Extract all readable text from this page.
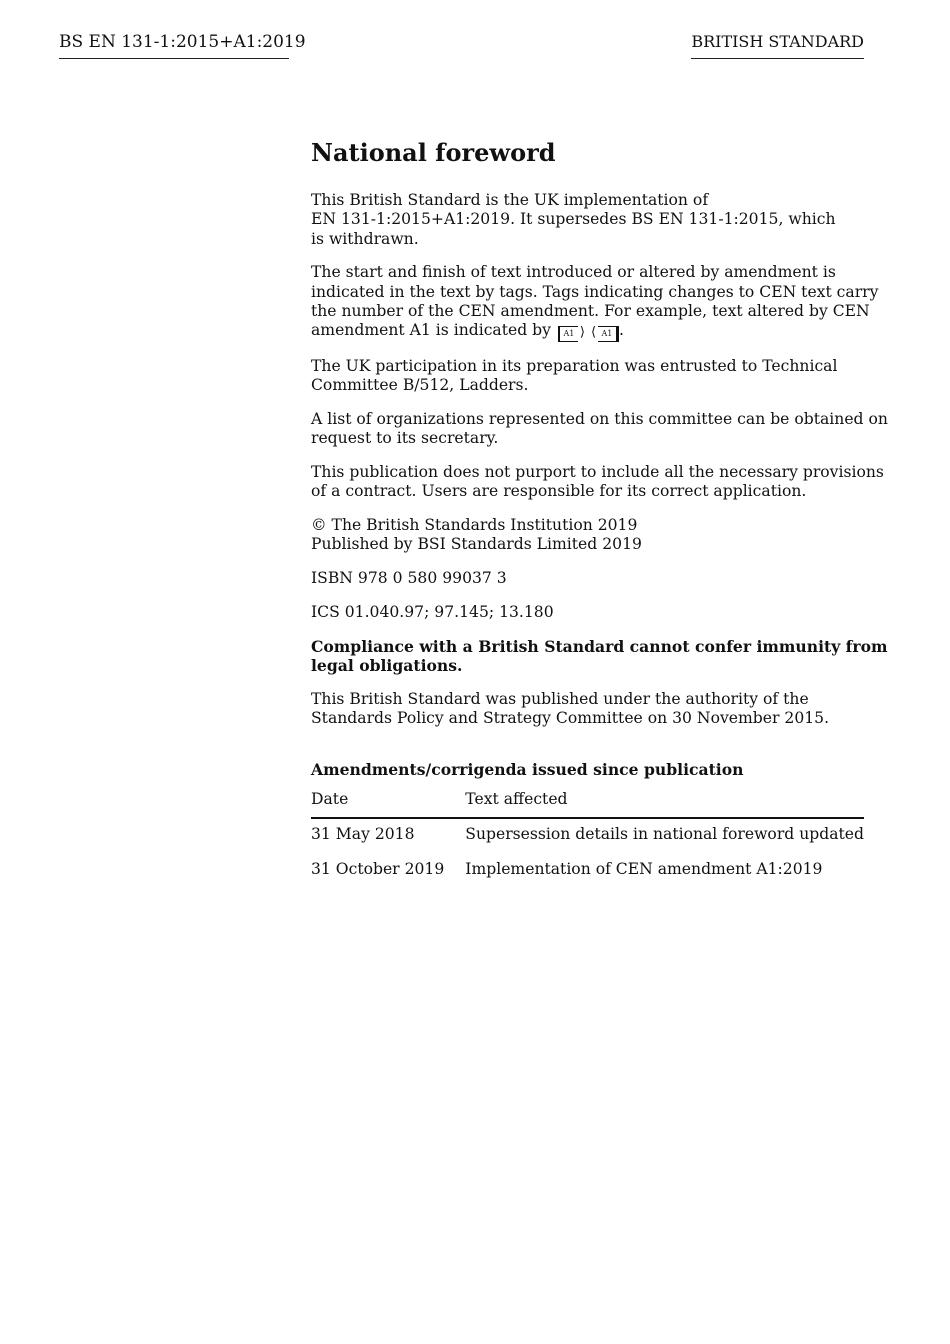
BS EN 131-1:2015+A1:2019	BRITISH STANDARD
National foreword

This British Standard is the UK implementation of
EN 131-1:2015+A1:2019. It supersedes BS EN 131-1:2015, which
is withdrawn.

The start and finish of text introduced or altered by amendment is
indicated in the text by tags. Tags indicating changes to CEN text carry
the number of the CEN amendment. For example, text altered by CEN
amendment A1 is indicated by A1 ⟩	⟨ A1 .

The UK participation in its preparation was entrusted to Technical
Committee B/512, Ladders.

A list of organizations represented on this committee can be obtained on
request to its secretary.

This publication does not purport to include all the necessary provisions
of a contract. Users are responsible for its correct application.

© The British Standards Institution 2019
Published by BSI Standards Limited 2019

ISBN 978 0 580 99037 3

ICS 01.040.97; 97.145; 13.180

Compliance with a British Standard cannot confer immunity from
legal obligations.

This British Standard was published under the authority of the
Standards Policy and Strategy Committee on 30 November 2015.

Amendments/corrigenda issued since publication
Date	Text affected
31 May 2018	Supersession details in national foreword updated
31 October 2019	Implementation of CEN amendment A1:2019
